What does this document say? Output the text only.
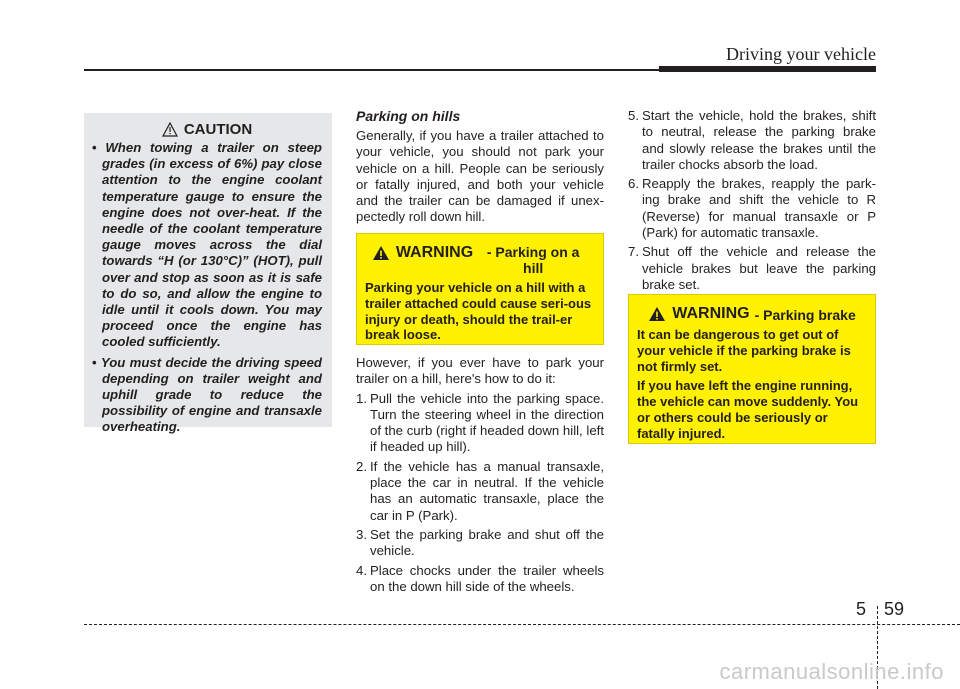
Driving your vehicle
CAUTION
• When towing a trailer on steep grades (in excess of 6%) pay close attention to the engine coolant temperature gauge to ensure the engine does not over-heat. If the needle of the coolant temperature gauge moves across the dial towards “H (or 130°C)” (HOT), pull over and stop as soon as it is safe to do so, and allow the engine to idle until it cools down. You may proceed once the engine has cooled sufficiently.
• You must decide the driving speed depending on trailer weight and uphill grade to reduce the possibility of engine and transaxle overheating.

Parking on hills

Generally, if you have a trailer attached to your vehicle, you should not park your vehicle on a hill. People can be seriously or fatally injured, and both your vehicle and the trailer can be damaged if unex-pectedly roll down hill.

WARNING - Parking on a hill

Parking your vehicle on a hill with a trailer attached could cause seri-ous injury or death, should the trail-er break loose.

However, if you ever have to park your trailer on a hill, here's how to do it:

1. Pull the vehicle into the parking space. Turn the steering wheel in the direction of the curb (right if headed down hill, left if headed up hill).
2. If the vehicle has a manual transaxle, place the car in neutral. If the vehicle has an automatic transaxle, place the car in P (Park).
3. Set the parking brake and shut off the vehicle.
4. Place chocks under the trailer wheels on the down hill side of the wheels.
5. Start the vehicle, hold the brakes, shift to neutral, release the parking brake and slowly release the brakes until the trailer chocks absorb the load.
6. Reapply the brakes, reapply the park-ing brake and shift the vehicle to R (Reverse) for manual transaxle or P (Park) for automatic transaxle.
7. Shut off the vehicle and release the vehicle brakes but leave the parking brake set.
WARNING - Parking brake

It can be dangerous to get out of your vehicle if the parking brake is not firmly set.

If you have left the engine running, the vehicle can move suddenly. You or others could be seriously or fatally injured.

5 59
carmanualsonline.info
